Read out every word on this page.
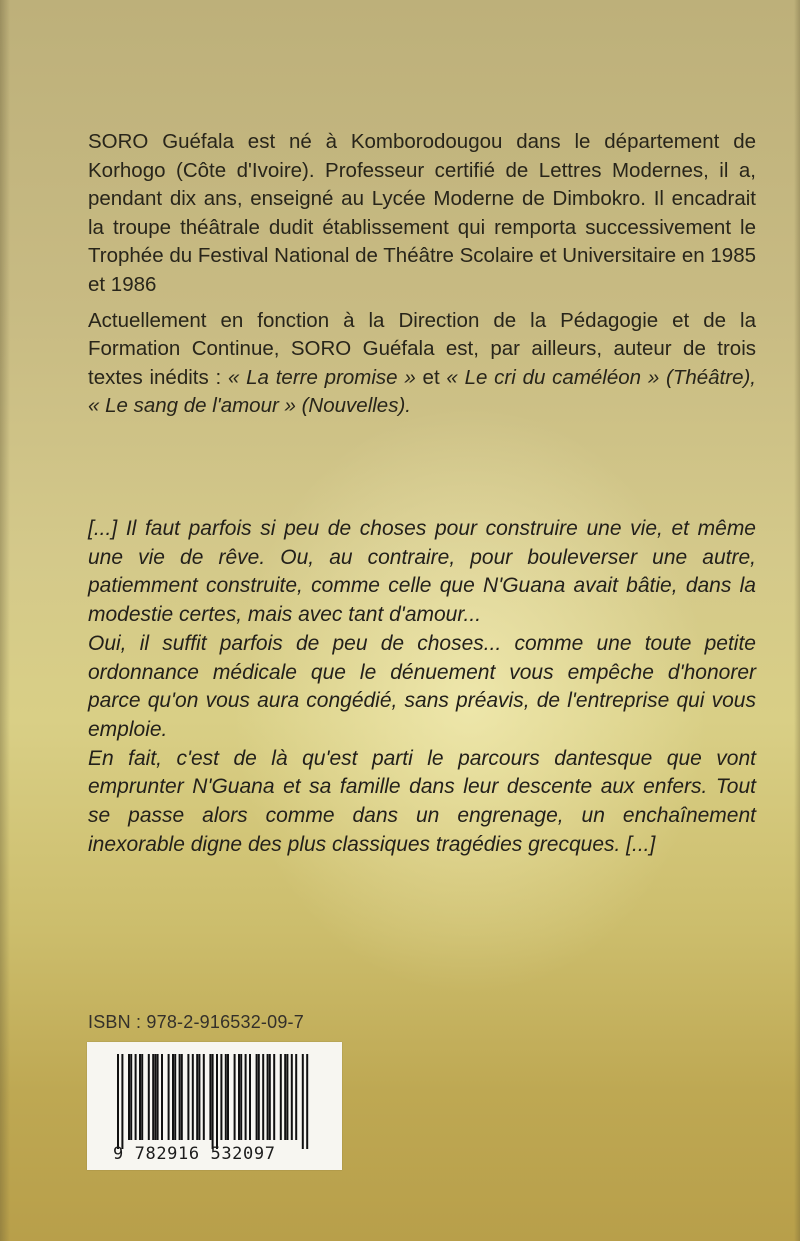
SORO Guéfala est né à Komborodougou dans le département de Korhogo (Côte d'Ivoire). Professeur certifié de Lettres Modernes, il a, pendant dix ans, enseigné au Lycée Moderne de Dimbokro. Il encadrait la troupe théâtrale dudit établissement qui remporta successivement le Trophée du Festival National de Théâtre Scolaire et Universitaire en 1985 et 1986

Actuellement en fonction à la Direction de la Pédagogie et de la Formation Continue, SORO Guéfala est, par ailleurs, auteur de trois textes inédits : « La terre promise » et « Le cri du caméléon » (Théâtre), « Le sang de l'amour » (Nouvelles).

[...] Il faut parfois si peu de choses pour construire une vie, et même une vie de rêve. Ou, au contraire, pour bouleverser une autre, patiemment construite, comme celle que N'Guana avait bâtie, dans la modestie certes, mais avec tant d'amour...

Oui, il suffit parfois de peu de choses... comme une toute petite ordonnance médicale que le dénuement vous empêche d'honorer parce qu'on vous aura congédié, sans préavis, de l'entreprise qui vous emploie.

En fait, c'est de là qu'est parti le parcours dantesque que vont emprunter N'Guana et sa famille dans leur descente aux enfers. Tout se passe alors comme dans un engrenage, un enchaînement inexorable digne des plus classiques tragédies grecques. [...]

ISBN : 978-2-916532-09-7
9 782916 532097
